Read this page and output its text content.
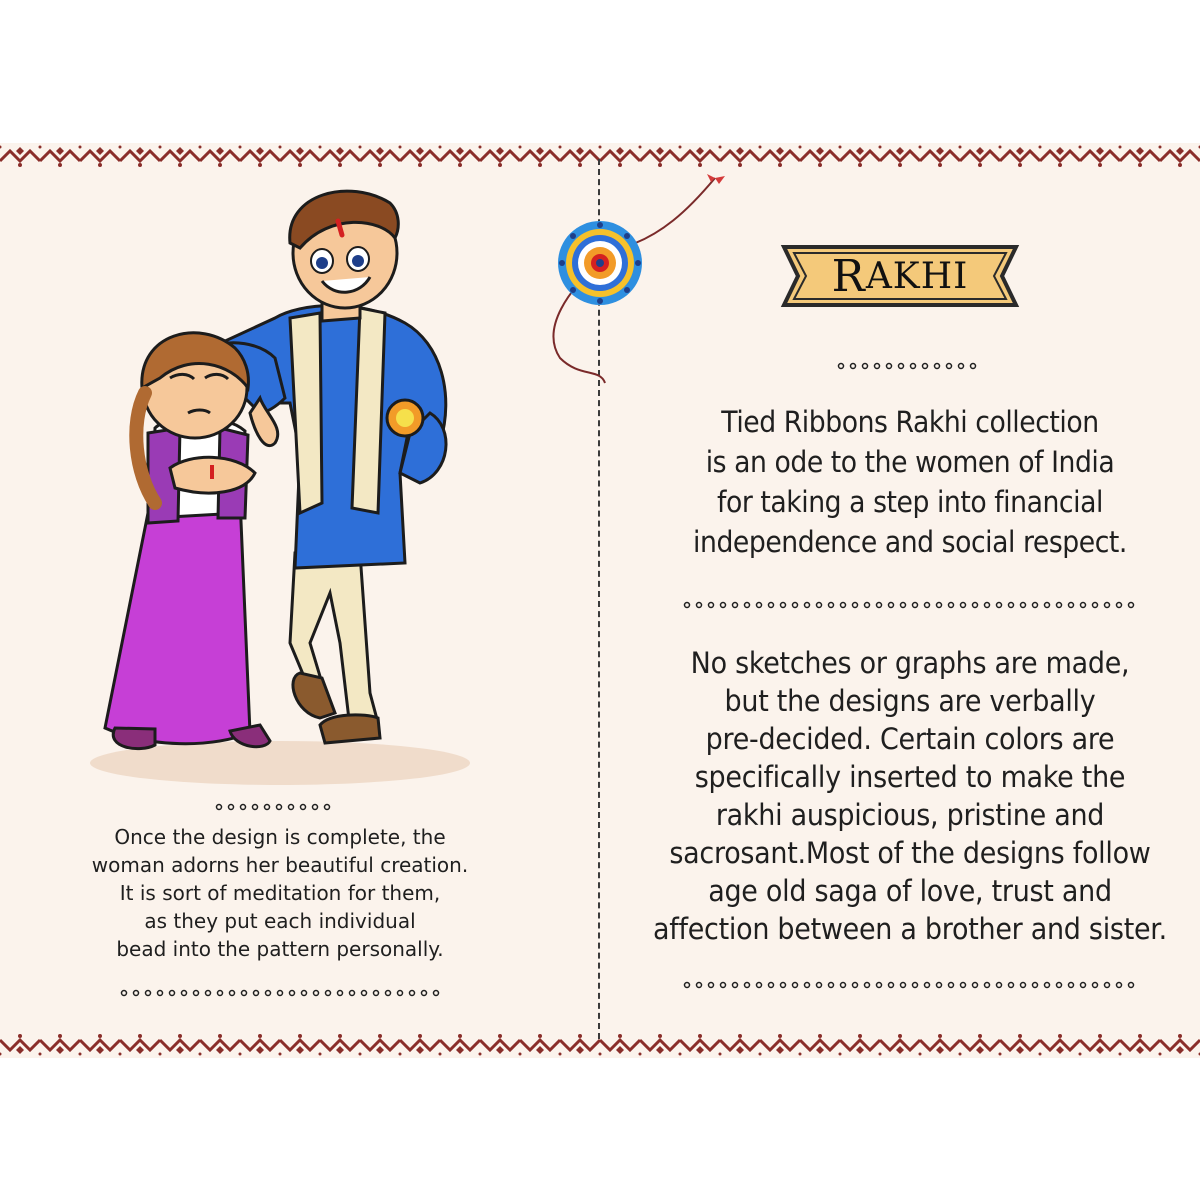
R AKHI

Tied Ribbons Rakhi collection
is an ode to the women of India
for taking a step into financial
independence and social respect.

No sketches or graphs are made,
but the designs are verbally
pre-decided. Certain colors are
specifically inserted to make the
rakhi auspicious, pristine and
sacrosant.Most of the designs follow
age old saga of love, trust and
affection between a brother and sister.

Once the design is complete, the
woman adorns her beautiful creation.
It is sort of meditation for them,
as they put each individual
bead into the pattern personally.
